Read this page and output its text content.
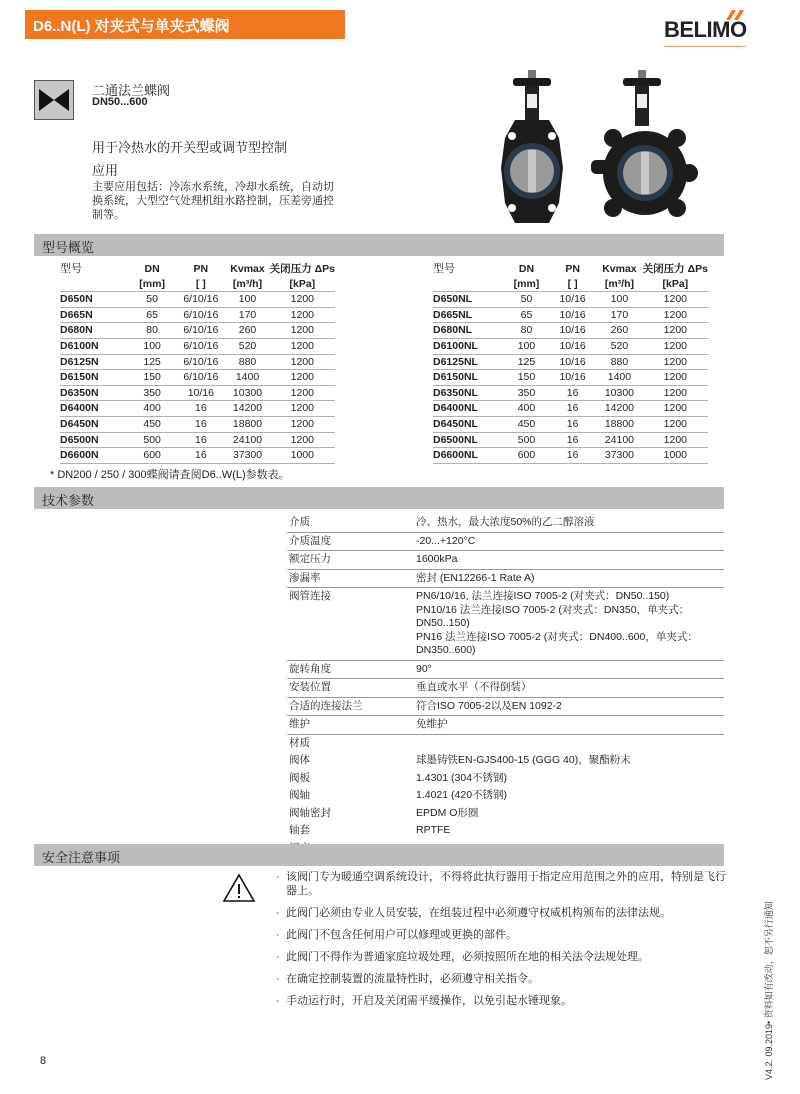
D6..N(L) 对夹式与单夹式蝶阀	BELIMO
二通法兰蝶阀
DN50...600
用于冷热水的开关型或调节型控制
应用
主要应用包括：冷冻水系统，冷却水系统，自动切换系统，大型空气处理机组水路控制，压差旁通控制等。
型号概览
型号	DN	PN	Kvmax	关闭压力 ΔPs
	[mm]	[ ]	[m³/h]	[kPa]
D650N	50	6/10/16	100	1200
D665N	65	6/10/16	170	1200
D680N	80	6/10/16	260	1200
D6100N	100	6/10/16	520	1200
D6125N	125	6/10/16	880	1200
D6150N	150	6/10/16	1400	1200
D6350N	350	10/16	10300	1200
D6400N	400	16	14200	1200
D6450N	450	16	18800	1200
D6500N	500	16	24100	1200
D6600N	600	16	37300	1000
型号	DN	PN	Kvmax	关闭压力 ΔPs
	[mm]	[ ]	[m³/h]	[kPa]
D650NL	50	10/16	100	1200
D665NL	65	10/16	170	1200
D680NL	80	10/16	260	1200
D6100NL	100	10/16	520	1200
D6125NL	125	10/16	880	1200
D6150NL	150	10/16	1400	1200
D6350NL	350	16	10300	1200
D6400NL	400	16	14200	1200
D6450NL	450	16	18800	1200
D6500NL	500	16	24100	1200
D6600NL	600	16	37300	1000
* DN200 / 250 / 300蝶阀请查阅D6..W(L)参数表。
技术参数
介质	冷、热水，最大浓度50%的乙二醇溶液
介质温度	-20...+120°C
额定压力	1600kPa
渗漏率	密封 (EN12266-1 Rate A)
阀管连接	PN6/10/16, 法兰连接ISO 7005-2 (对夹式：DN50..150)
PN10/16 法兰连接ISO 7005-2 (对夹式：DN350，单夹式：DN50..150)
PN16 法兰连接ISO 7005-2 (对夹式：DN400..600，单夹式：DN350..600)
旋转角度	90°
安装位置	垂直或水平（不得倒装）
合适的连接法兰	符合ISO 7005-2以及EN 1092-2
维护	免维护
材质	
阀体	球墨铸铁EN-GJS400-15 (GGG 40)，聚酯粉末
阀板	1.4301 (304不锈钢)
阀轴	1.4021 (420不锈钢)
阀轴密封	EPDM O形圈
轴套	RPTFE

安全注意事项
· 该阀门专为暖通空调系统设计，不得将此执行器用于指定应用范围之外的应用，特别是飞行器上。
· 此阀门必须由专业人员安装，在组装过程中必须遵守权威机构颁布的法律法规。
· 此阀门不包含任何用户可以修理或更换的部件。
· 此阀门不得作为普通家庭垃圾处理，必须按照所在地的相关法令法规处理。
· 在确定控制装置的流量特性时，必须遵守相关指令。
· 手动运行时，开启及关闭需平缓操作，以免引起水锤现象。	V4.2. 09.2019• 资料如有改动，恕不另行通知
8
